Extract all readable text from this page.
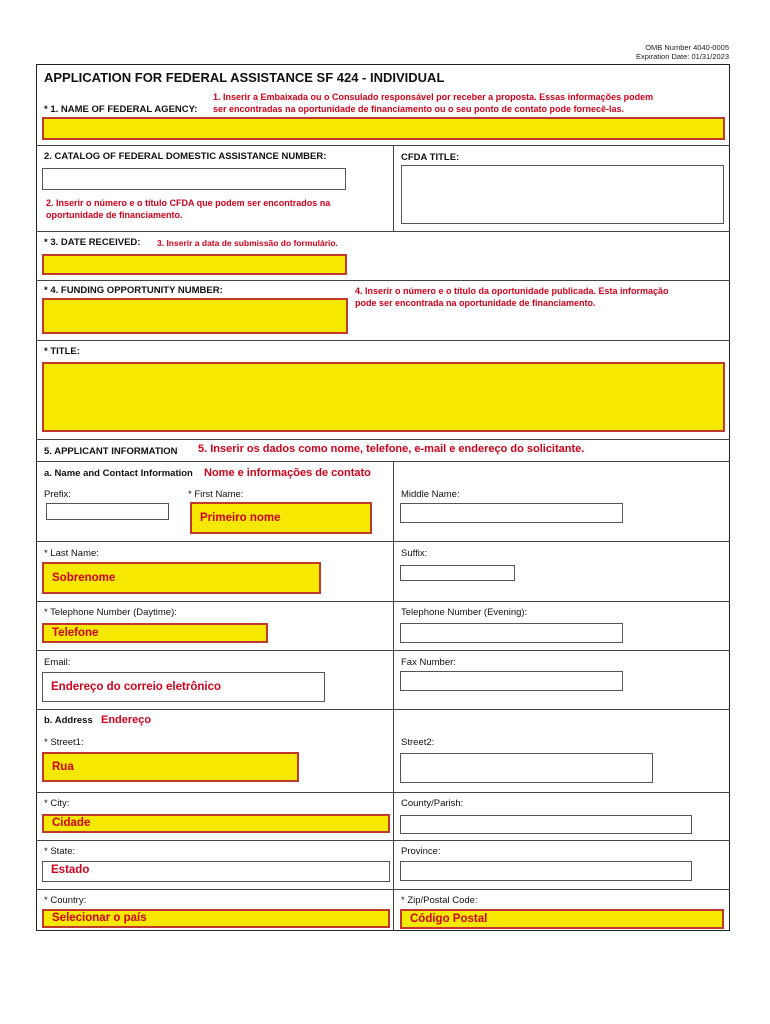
OMB Number 4040-0005
Expiration Date: 01/31/2023
APPLICATION FOR FEDERAL ASSISTANCE SF 424 - INDIVIDUAL
1. Inserir a Embaixada ou o Consulado responsável por receber a proposta. Essas informações podem
* 1. NAME OF FEDERAL AGENCY: ser encontradas na oportunidade de financiamento ou o seu ponto de contato pode fornecê-las.
2. CATALOG OF FEDERAL DOMESTIC ASSISTANCE NUMBER:	CFDA TITLE:
2. Inserir o número e o título CFDA que podem ser encontrados na
oportunidade de financiamento.
* 3. DATE RECEIVED: 3. Inserir a data de submissão do formulário.
* 4. FUNDING OPPORTUNITY NUMBER:	4. Inserir o número e o título da oportunidade publicada. Esta informação
pode ser encontrada na oportunidade de financiamento.
* TITLE:
5. APPLICANT INFORMATION 5. Inserir os dados como nome, telefone, e-mail e endereço do solicitante.
a. Name and Contact Information Nome e informações de contato
Prefix:	* First Name:
Primeiro nome
Middle Name:
* Last Name:
Sobrenome
Suffix:
* Telephone Number (Daytime):
Telefone
Telephone Number (Evening):
Email:
Endereço do correio eletrônico
Fax Number:
b. Address Endereço
* Street1:
Rua
Street2:
* City:
Cidade
County/Parish:
* State:
Estado
Province:
* Country:
Selecionar o país
* Zip/Postal Code:
Código Postal
